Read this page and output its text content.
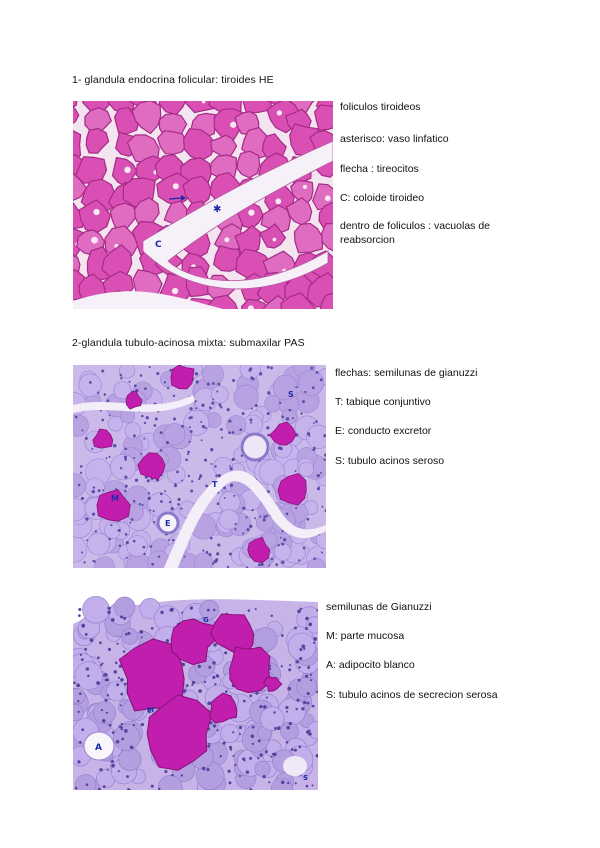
1- glandula endocrina folicular: tiroides HE
✱
C
foliculos tiroideos
asterisco: vaso linfatico
flecha : tireocitos
C: coloide tiroideo
dentro de foliculos : vacuolas de reabsorcion
2-glandula tubulo-acinosa mixta: submaxilar PAS
T
E
M
S
flechas: semilunas de gianuzzi
T: tabique conjuntivo
E: conducto excretor
S: tubulo acinos seroso
M
A
S
G
semilunas de Gianuzzi
M: parte mucosa
A: adipocito blanco
S: tubulo acinos de secrecion serosa
